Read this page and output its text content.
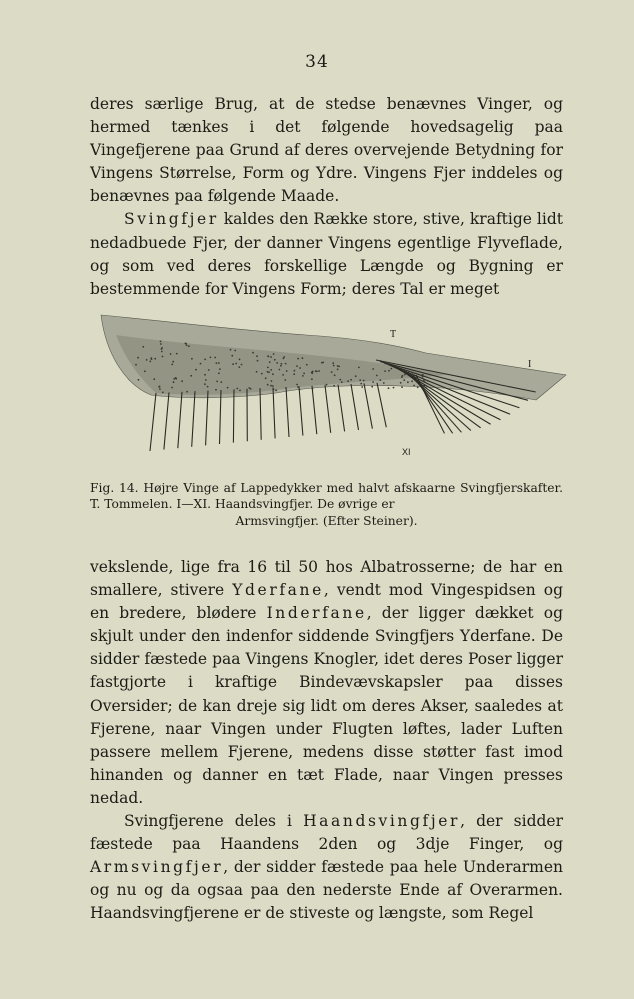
34

deres særlige Brug, at de stedse benævnes Vinger, og hermed tænkes i det følgende hovedsagelig paa Vingefjerene paa Grund af deres overvejende Betydning for Vingens Størrelse, Form og Ydre. Vingens Fjer inddeles og benævnes paa følgende Maade.

Svingfjer kaldes den Række store, stive, kraftige lidt nedadbuede Fjer, der danner Vingens egentlige Flyveflade, og som ved deres forskellige Længde og Bygning er bestemmende for Vingens Form; deres Tal er meget

T
I
XI
Fig. 14. Højre Vinge af Lappedykker med halvt afskaarne Svingfjerskafter. T. Tommelen. I—XI. Haandsvingfjer. De øvrige er
Armsvingfjer. (Efter Steiner).

vekslende, lige fra 16 til 50 hos Albatrosserne; de har en smallere, stivere Yderfane, vendt mod Vingespidsen og en bredere, blødere Inderfane, der ligger dækket og skjult under den indenfor siddende Svingfjers Yderfane. De sidder fæstede paa Vingens Knogler, idet deres Poser ligger fastgjorte i kraftige Bindevævskapsler paa disses Oversider; de kan dreje sig lidt om deres Akser, saaledes at Fjerene, naar Vingen under Flugten løftes, lader Luften passere mellem Fjerene, medens disse støtter fast imod hinanden og danner en tæt Flade, naar Vingen presses nedad.

Svingfjerene deles i Haandsvingfjer, der sidder fæstede paa Haandens 2den og 3dje Finger, og Armsvingfjer, der sidder fæstede paa hele Underarmen og nu og da ogsaa paa den nederste Ende af Overarmen. Haandsvingfjerene er de stiveste og længste, som Regel
